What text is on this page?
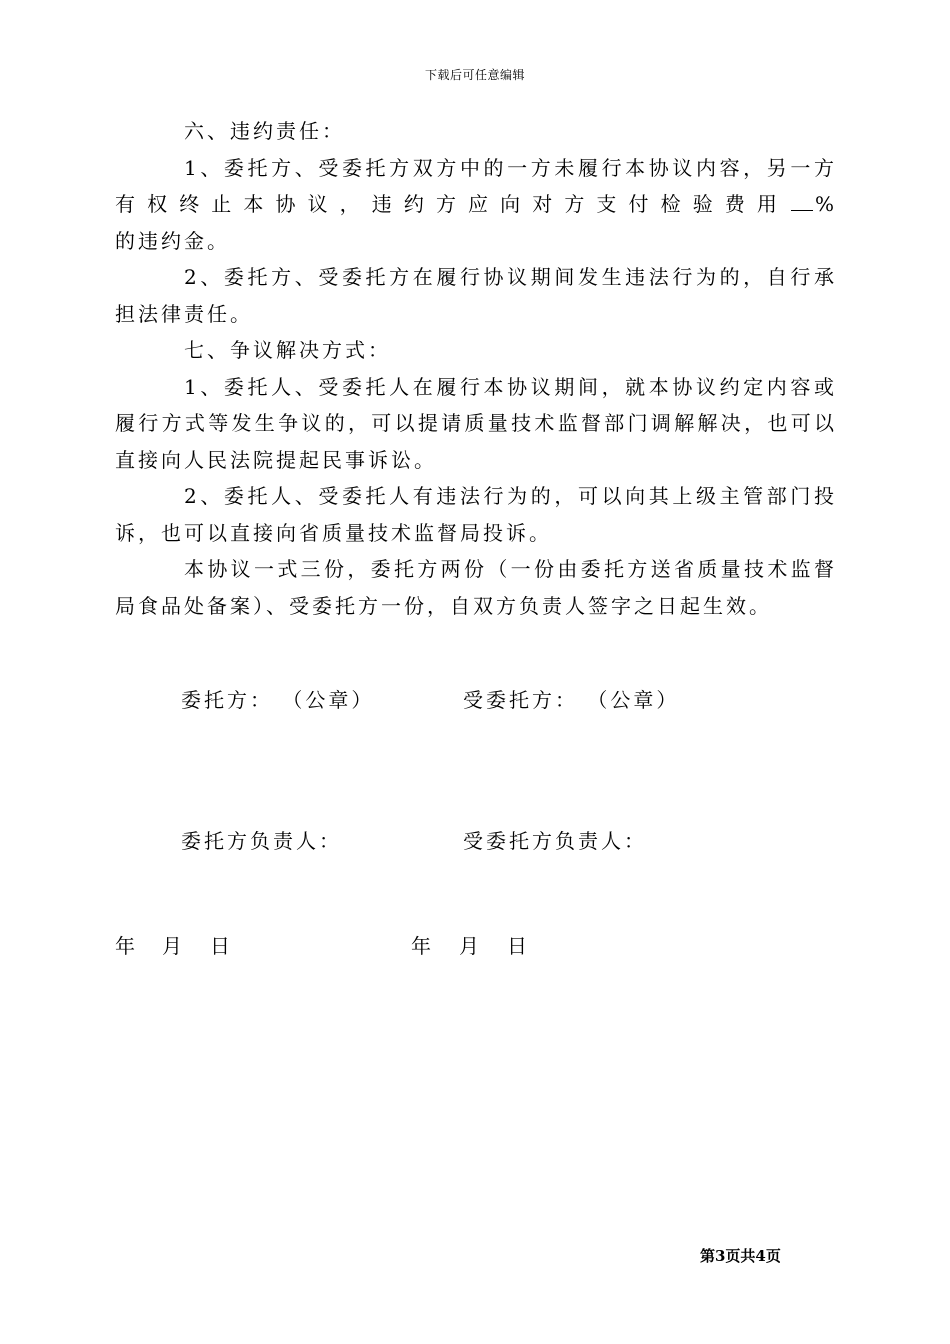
下载后可任意编辑

六、违约责任：

1、委托方、受委托方双方中的一方未履行本协议内容，另一方

有权终止本协议，违约方应向对方支付检验费用 %

的违约金。

2、委托方、受委托方在履行协议期间发生违法行为的，自行承

担法律责任。

七、争议解决方式：

1、委托人、受委托人在履行本协议期间，就本协议约定内容或

履行方式等发生争议的，可以提请质量技术监督部门调解解决，也可以

直接向人民法院提起民事诉讼。

2、委托人、受委托人有违法行为的，可以向其上级主管部门投

诉，也可以直接向省质量技术监督局投诉。

本协议一式三份，委托方两份（一份由委托方送省质量技术监督

局食品处备案）、受委托方一份，自双方负责人签字之日起生效。

委托方： （公章）	受委托方： （公章）
委托方负责人：	受委托方负责人：
年 月 日	年 月 日
第3页共4页
